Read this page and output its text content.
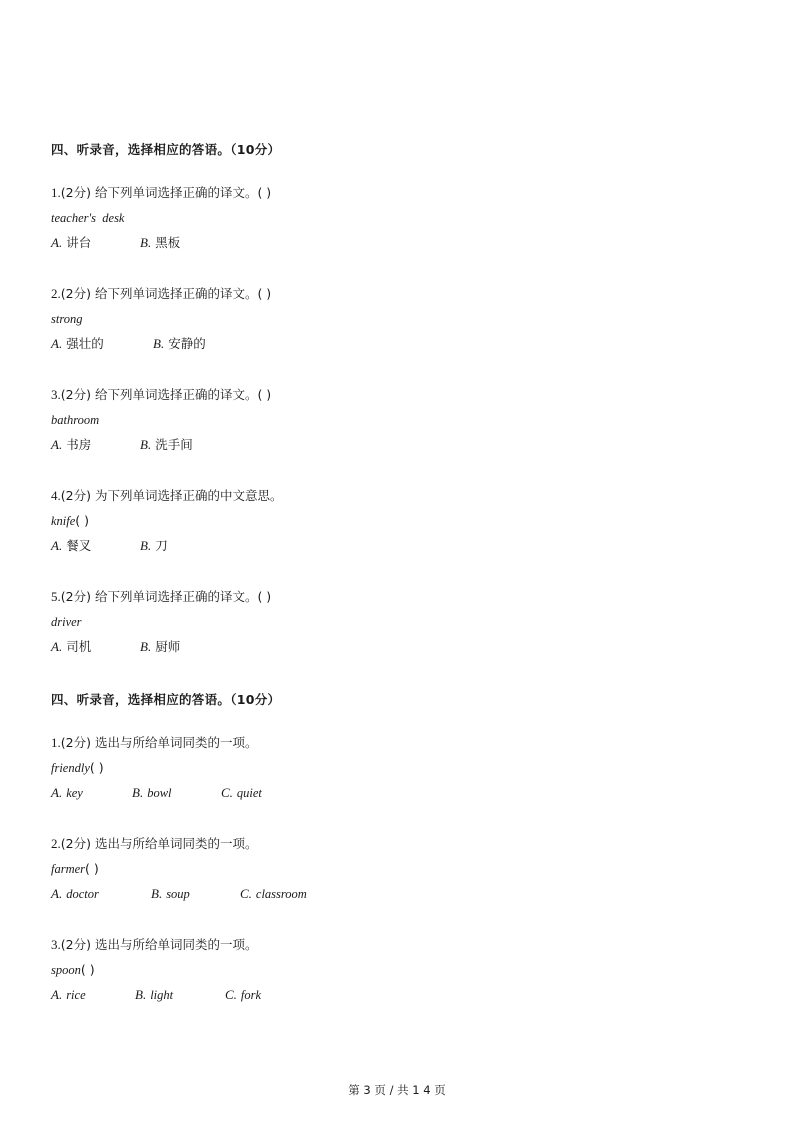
四、听录音，选择相应的答语。（10分）
1.(2分) 给下列单词选择正确的译文。( )
teacher's  desk
A. 讲台	B. 黑板
2.(2分) 给下列单词选择正确的译文。( )
strong
A. 强壮的	B. 安静的
3.(2分) 给下列单词选择正确的译文。( )
bathroom
A. 书房	B. 洗手间
4.(2分) 为下列单词选择正确的中文意思。
knife( )
A. 餐叉	B. 刀
5.(2分) 给下列单词选择正确的译文。( )
driver
A. 司机	B. 厨师
四、听录音，选择相应的答语。（10分）
1.(2分) 选出与所给单词同类的一项。
friendly( )
A. key	B. bowl	C. quiet
2.(2分) 选出与所给单词同类的一项。
farmer( )
A. doctor	B. soup	C. classroom
3.(2分) 选出与所给单词同类的一项。
spoon( )
A. rice	B. light	C. fork
第 3 页 / 共 1 4 页
